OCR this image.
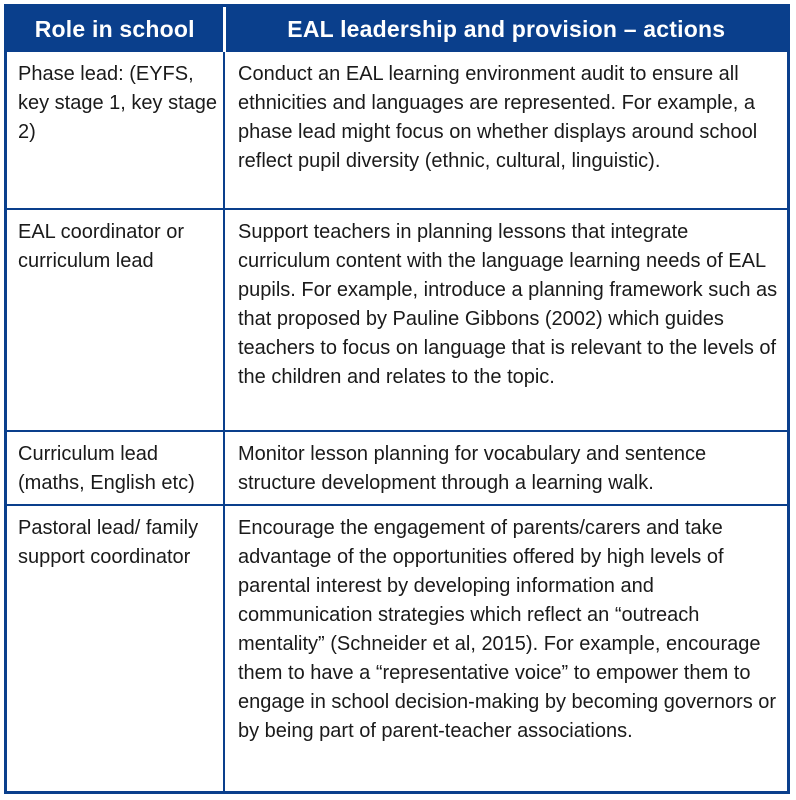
Role in school	EAL leadership and provision – actions
Phase lead: (EYFS, key stage 1, key stage 2)	Conduct an EAL learning environment audit to ensure all ethnicities and languages are represented. For example, a phase lead might focus on whether displays around school reflect pupil diversity (ethnic, cultural, linguistic).
EAL coordinator or curriculum lead	Support teachers in planning lessons that integrate curriculum content with the language learning needs of EAL pupils. For example, introduce a planning framework such as that proposed by Pauline Gibbons (2002) which guides teachers to focus on language that is relevant to the levels of the children and relates to the topic.
Curriculum lead (maths, English etc)	Monitor lesson planning for vocabulary and sentence structure development through a learning walk.
Pastoral lead/ family support coordinator	Encourage the engagement of parents/carers and take advantage of the opportunities offered by high levels of parental interest by developing information and communication strategies which reflect an “outreach mentality” (Schneider et al, 2015). For example, encourage them to have a “representative voice” to empower them to engage in school decision-making by becoming governors or by being part of parent-teacher associations.
